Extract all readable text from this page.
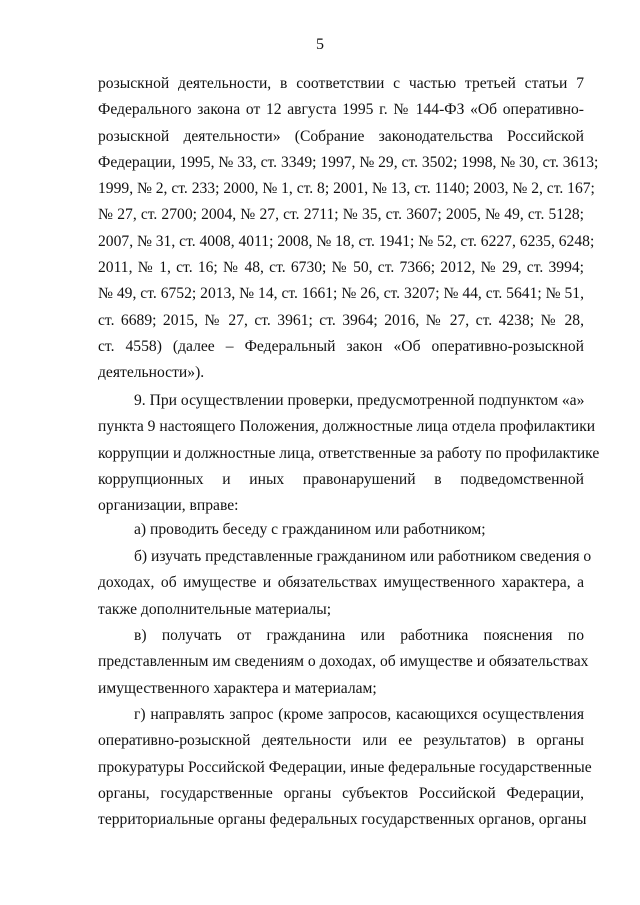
5
розыскной деятельности, в соответствии с частью третьей статьи 7
Федерального закона от 12 августа 1995 г. № 144-ФЗ «Об оперативно-
розыскной деятельности» (Собрание законодательства Российской
Федерации, 1995, № 33, ст. 3349; 1997, № 29, ст. 3502; 1998, № 30, ст. 3613;
1999, № 2, ст. 233; 2000, № 1, ст. 8; 2001, № 13, ст. 1140; 2003, № 2, ст. 167;
№ 27, ст. 2700; 2004, № 27, ст. 2711; № 35, ст. 3607; 2005, № 49, ст. 5128;
2007, № 31, ст. 4008, 4011; 2008, № 18, ст. 1941; № 52, ст. 6227, 6235, 6248;
2011, № 1, ст. 16; № 48, ст. 6730; № 50, ст. 7366; 2012, № 29, ст. 3994;
№ 49, ст. 6752; 2013, № 14, ст. 1661; № 26, ст. 3207; № 44, ст. 5641; № 51,
ст. 6689; 2015, № 27, ст. 3961; ст. 3964; 2016, № 27, ст. 4238; № 28,
ст. 4558) (далее – Федеральный закон «Об оперативно-розыскной
деятельности»).
9. При осуществлении проверки, предусмотренной подпунктом «а»
пункта 9 настоящего Положения, должностные лица отдела профилактики
коррупции и должностные лица, ответственные за работу по профилактике
коррупционных и иных правонарушений в подведомственной
организации, вправе:
а) проводить беседу с гражданином или работником;
б) изучать представленные гражданином или работником сведения о
доходах, об имуществе и обязательствах имущественного характера, а
также дополнительные материалы;
в) получать от гражданина или работника пояснения по
представленным им сведениям о доходах, об имуществе и обязательствах
имущественного характера и материалам;
г) направлять запрос (кроме запросов, касающихся осуществления
оперативно-розыскной деятельности или ее результатов) в органы
прокуратуры Российской Федерации, иные федеральные государственные
органы, государственные органы субъектов Российской Федерации,
территориальные органы федеральных государственных органов, органы
